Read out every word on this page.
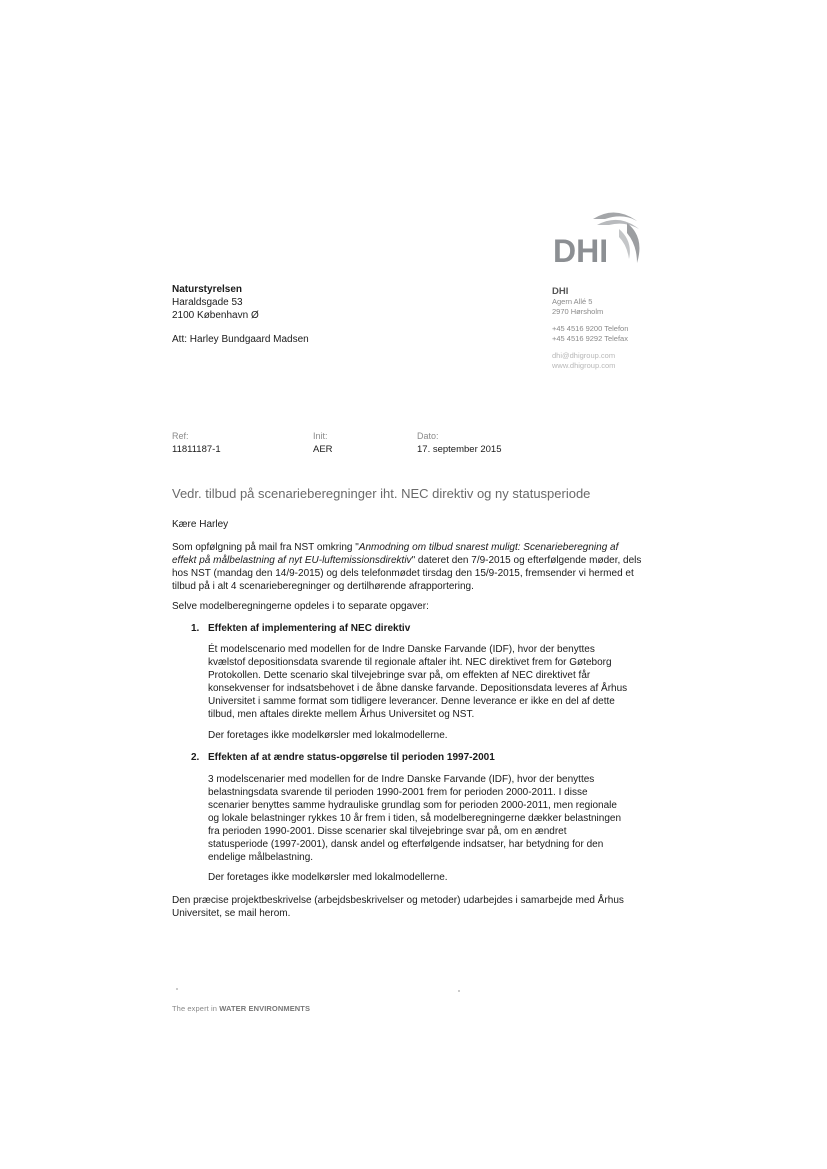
DHI
Naturstyrelsen
Haraldsgade 53
2100 København Ø
Att: Harley Bundgaard Madsen
DHI
Agern Allé 5
2970 Hørsholm
+45 4516 9200 Telefon
+45 4516 9292 Telefax
dhi@dhigroup.com
www.dhigroup.com
Ref:
11811187-1
Init:
AER
Dato:
17. september 2015
Vedr. tilbud på scenarieberegninger iht. NEC direktiv og ny statusperiode
Kære Harley

Som opfølgning på mail fra NST omkring "Anmodning om tilbud snarest muligt: Scenarieberegning af effekt på målbelastning af nyt EU-luftemissionsdirektiv" dateret den 7/9-2015 og efterfølgende møder, dels hos NST (mandag den 14/9-2015) og dels telefonmødet tirsdag den 15/9-2015, fremsender vi hermed et tilbud på i alt 4 scenarieberegninger og dertilhørende afrapportering.

Selve modelberegningerne opdeles i to separate opgaver:

1. Effekten af implementering af NEC direktiv

Ét modelscenario med modellen for de Indre Danske Farvande (IDF), hvor der benyttes kvælstof depositionsdata svarende til regionale aftaler iht. NEC direktivet frem for Gøteborg Protokollen. Dette scenario skal tilvejebringe svar på, om effekten af NEC direktivet får konsekvenser for indsatsbehovet i de åbne danske farvande. Depositionsdata leveres af Århus Universitet i samme format som tidligere leverancer. Denne leverance er ikke en del af dette tilbud, men aftales direkte mellem Århus Universitet og NST.

Der foretages ikke modelkørsler med lokalmodellerne.

2. Effekten af at ændre status-opgørelse til perioden 1997-2001

3 modelscenarier med modellen for de Indre Danske Farvande (IDF), hvor der benyttes belastningsdata svarende til perioden 1990-2001 frem for perioden 2000-2011. I disse scenarier benyttes samme hydrauliske grundlag som for perioden 2000-2011, men regionale og lokale belastninger rykkes 10 år frem i tiden, så modelberegningerne dækker belastningen fra perioden 1990-2001. Disse scenarier skal tilvejebringe svar på, om en ændret statusperiode (1997-2001), dansk andel og efterfølgende indsatser, har betydning for den endelige målbelastning.

Der foretages ikke modelkørsler med lokalmodellerne.

Den præcise projektbeskrivelse (arbejdsbeskrivelser og metoder) udarbejdes i samarbejde med Århus Universitet, se mail herom.

The expert in WATER ENVIRONMENTS
